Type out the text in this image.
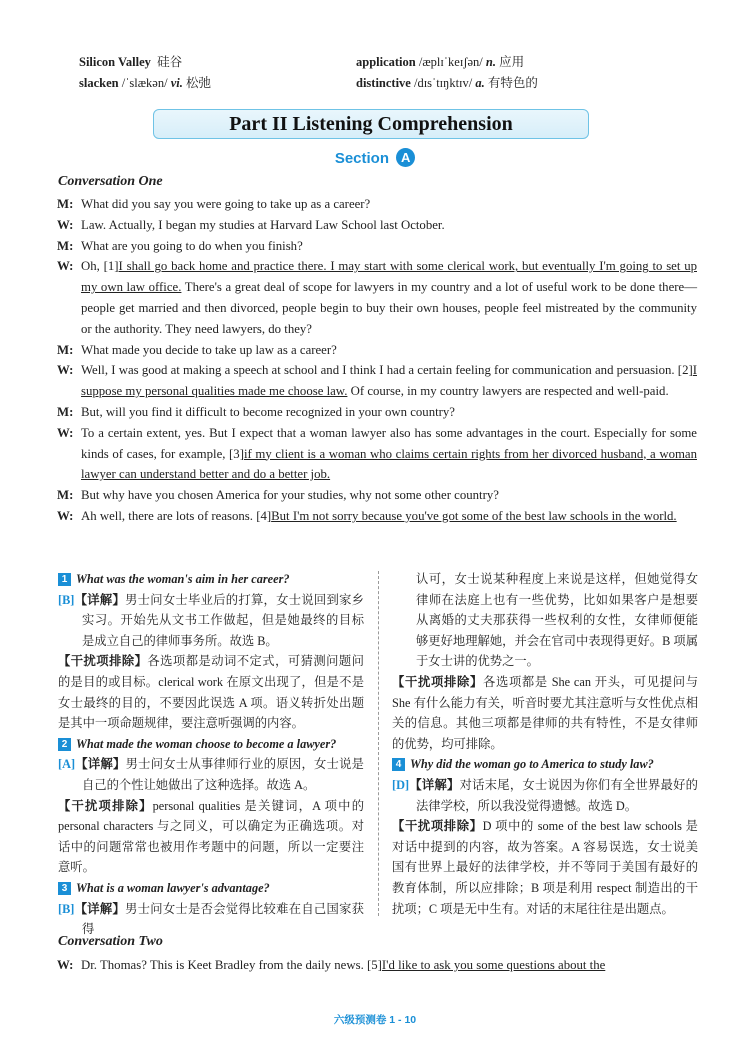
Silicon Valley 硅谷	application /æplɪˈkeɪʃən/ n. 应用
slacken /ˈslækən/ vi. 松弛	distinctive /dɪsˈtɪŋktɪv/ a. 有特色的
Part II Listening Comprehension
Section A
Conversation One

M: What did you say you were going to take up as a career?

W: Law. Actually, I began my studies at Harvard Law School last October.

M: What are you going to do when you finish?

W: Oh, [1]I shall go back home and practice there. I may start with some clerical work, but eventually I'm going to set up my own law office. There's a great deal of scope for lawyers in my country and a lot of useful work to be done there—people get married and then divorced, people begin to buy their own houses, people feel mistreated by the community or the authority. They need lawyers, do they?

M: What made you decide to take up law as a career?

W: Well, I was good at making a speech at school and I think I had a certain feeling for communication and persuasion. [2]I suppose my personal qualities made me choose law. Of course, in my country lawyers are respected and well-paid.

M: But, will you find it difficult to become recognized in your own country?

W: To a certain extent, yes. But I expect that a woman lawyer also has some advantages in the court. Especially for some kinds of cases, for example, [3]if my client is a woman who claims certain rights from her divorced husband, a woman lawyer can understand better and do a better job.

M: But why have you chosen America for your studies, why not some other country?

W: Ah well, there are lots of reasons. [4]But I'm not sorry because you've got some of the best law schools in the world.

1 What was the woman's aim in her career?

[B]【详解】男士问女士毕业后的打算，女士说回到家乡实习。开始先从文书工作做起，但是她最终的目标是成立自己的律师事务所。故选 B。

【干扰项排除】各选项都是动词不定式，可猜测问题问的是目的或目标。clerical work 在原文出现了，但是不是女士最终的目的，不要因此误选 A 项。语义转折处出题是其中一项命题规律，要注意听强调的内容。

2 What made the woman choose to become a lawyer?

[A]【详解】男士问女士从事律师行业的原因，女士说是自己的个性让她做出了这种选择。故选 A。

【干扰项排除】personal qualities 是关键词，A 项中的 personal characters 与之同义，可以确定为正确选项。对话中的问题常常也被用作考题中的问题，所以一定要注意听。

3 What is a woman lawyer's advantage?

[B]【详解】男士问女士是否会觉得比较难在自己国家获得

认可，女士说某种程度上来说是这样，但她觉得女律师在法庭上也有一些优势，比如如果客户是想要从离婚的丈夫那获得一些权利的女性，女律师便能够更好地理解她，并会在官司中表现得更好。B 项属于女士讲的优势之一。

【干扰项排除】各选项都是 She can 开头，可见提问与 She 有什么能力有关，听音时要尤其注意听与女性优点相关的信息。其他三项都是律师的共有特性，不是女律师的优势，均可排除。

4 Why did the woman go to America to study law?

[D]【详解】对话末尾，女士说因为你们有全世界最好的法律学校，所以我没觉得遗憾。故选 D。

【干扰项排除】D 项中的 some of the best law schools 是对话中提到的内容，故为答案。A 容易误选，女士说美国有世界上最好的法律学校，并不等同于美国有最好的教育体制，所以应排除；B 项是利用 respect 制造出的干扰项；C 项是无中生有。对话的末尾往往是出题点。

Conversation Two

W: Dr. Thomas? This is Keet Bradley from the daily news. [5]I'd like to ask you some questions about the

六级预测卷 1 - 10
